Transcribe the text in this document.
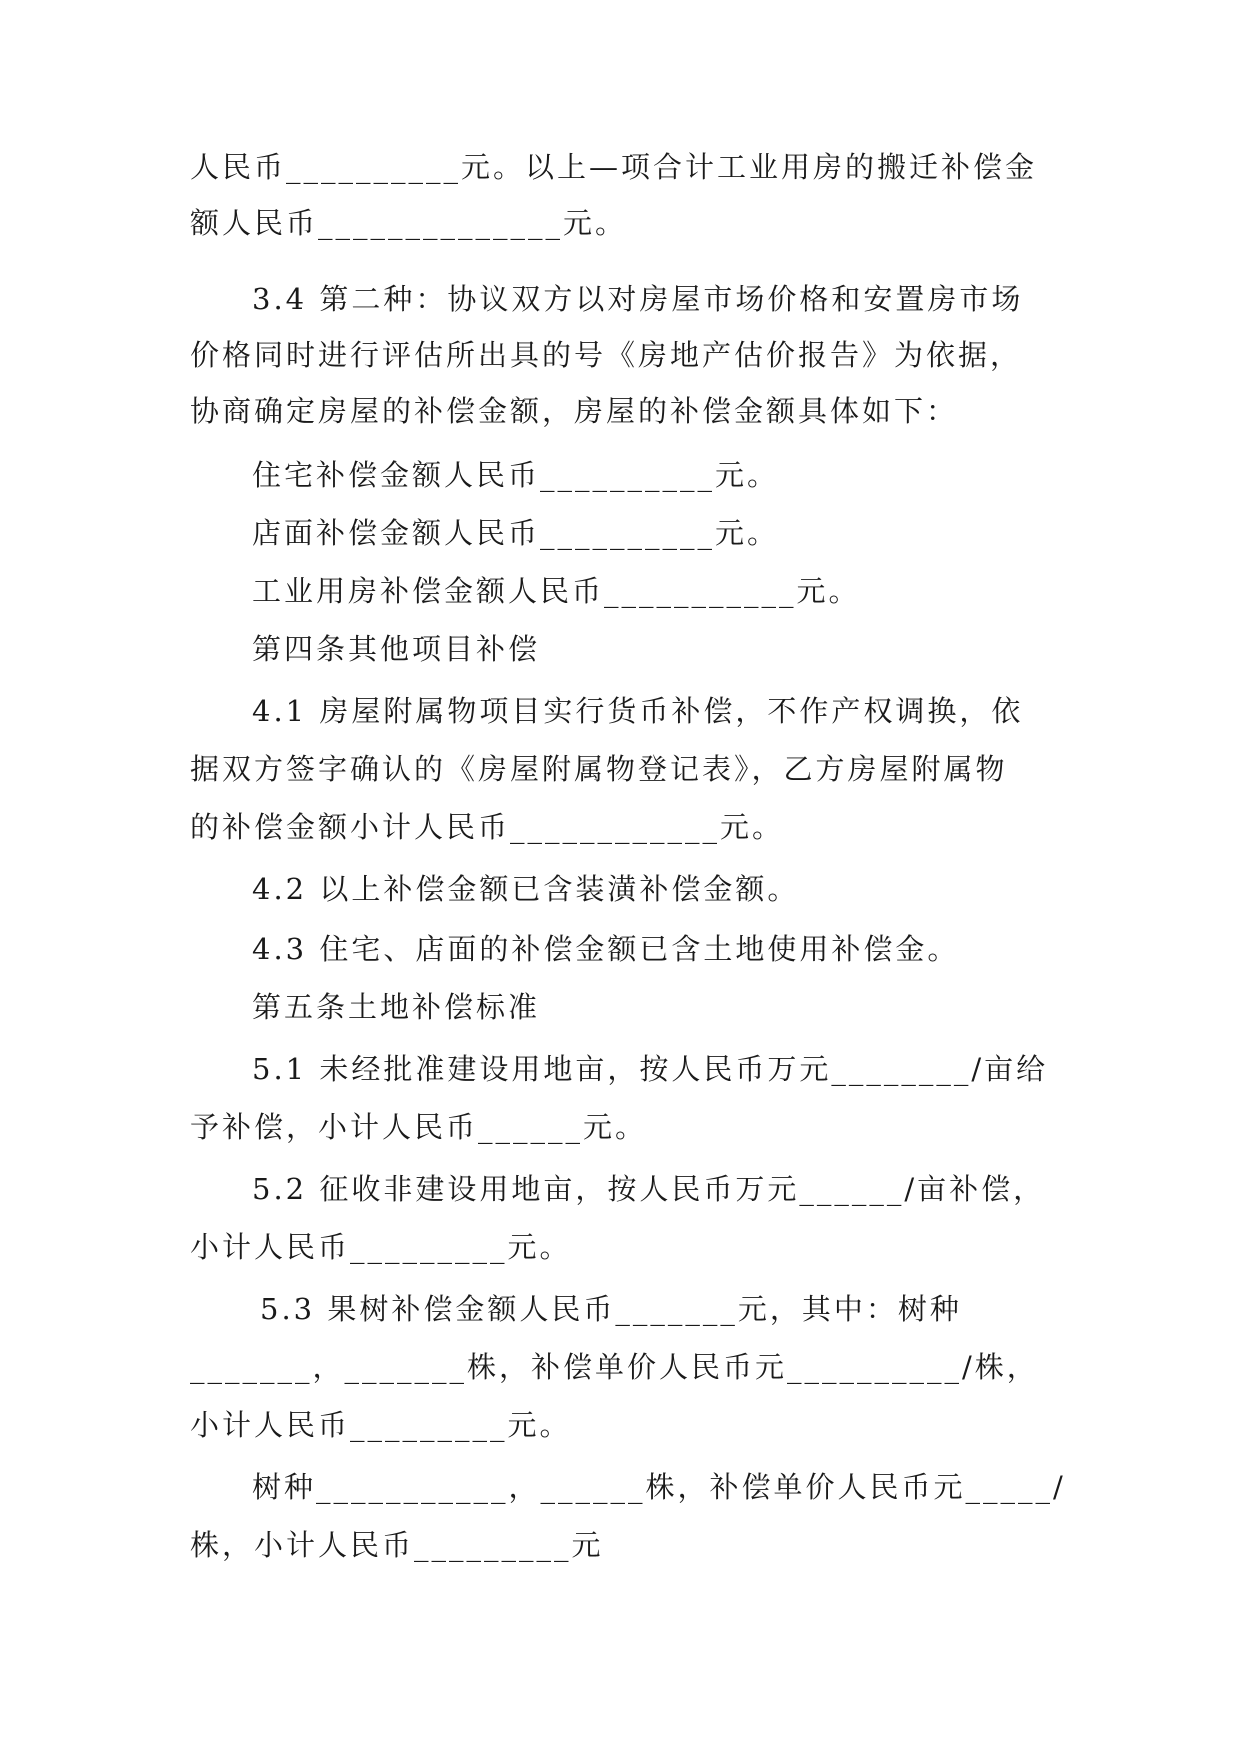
人民币__________元。以上—项合计工业用房的搬迁补偿金
额人民币______________元。
3.4 第二种：协议双方以对房屋市场价格和安置房市场
价格同时进行评估所出具的号《房地产估价报告》为依据，
协商确定房屋的补偿金额，房屋的补偿金额具体如下：
住宅补偿金额人民币__________元。
店面补偿金额人民币__________元。
工业用房补偿金额人民币___________元。
第四条其他项目补偿
4.1 房屋附属物项目实行货币补偿，不作产权调换，依
据双方签字确认的《房屋附属物登记表》，乙方房屋附属物
的补偿金额小计人民币____________元。
4.2 以上补偿金额已含装潢补偿金额。
4.3 住宅、店面的补偿金额已含土地使用补偿金。
第五条土地补偿标准
5.1 未经批准建设用地亩，按人民币万元________/亩给
予补偿，小计人民币______元。
5.2 征收非建设用地亩，按人民币万元______/亩补偿，
小计人民币_________元。
5.3 果树补偿金额人民币_______元，其中：树种
_______，_______株，补偿单价人民币元__________/株，
小计人民币_________元。
树种___________，______株，补偿单价人民币元_____/
株，小计人民币_________元
